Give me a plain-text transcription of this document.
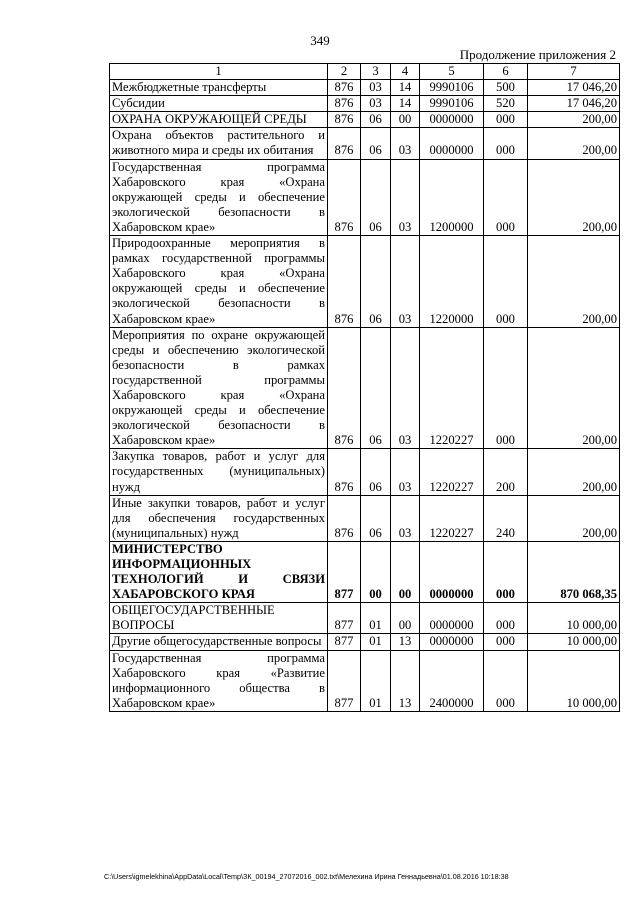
349
Продолжение приложения 2
1	2	3	4	5	6	7
Межбюджетные трансферты	876	03	14	9990106	500	17 046,20
Субсидии	876	03	14	9990106	520	17 046,20
ОХРАНА ОКРУЖАЮЩЕЙ СРЕДЫ	876	06	00	0000000	000	200,00
Охрана объектов растительного и животного мира и среды их обитания	876	06	03	0000000	000	200,00
Государственная программа Хабаровского края «Охрана окружающей среды и обеспечение экологической безопасности в Хабаровском крае»	876	06	03	1200000	000	200,00
Природоохранные мероприятия в рамках государственной программы Хабаровского края «Охрана окружающей среды и обеспечение экологической безопасности в Хабаровском крае»	876	06	03	1220000	000	200,00
Мероприятия по охране окружающей среды и обеспечению экологической безопасности в рамках государственной программы Хабаровского края «Охрана окружающей среды и обеспечение экологической безопасности в Хабаровском крае»	876	06	03	1220227	000	200,00
Закупка товаров, работ и услуг для государственных (муниципальных) нужд	876	06	03	1220227	200	200,00
Иные закупки товаров, работ и услуг для обеспечения государственных (муниципальных) нужд	876	06	03	1220227	240	200,00
МИНИСТЕРСТВО ИНФОРМАЦИОННЫХ ТЕХНОЛОГИЙ И СВЯЗИ ХАБАРОВСКОГО КРАЯ	877	00	00	0000000	000	870 068,35
ОБЩЕГОСУДАРСТВЕННЫЕ ВОПРОСЫ	877	01	00	0000000	000	10 000,00
Другие общегосударственные вопросы	877	01	13	0000000	000	10 000,00
Государственная программа Хабаровского края «Развитие информационного общества в Хабаровском крае»	877	01	13	2400000	000	10 000,00
C:\Users\igmelekhina\AppData\Local\Temp\ЗК_00194_27072016_002.txt\Мелехина Ирина Геннадьевна\01.08.2016 10:18:38
